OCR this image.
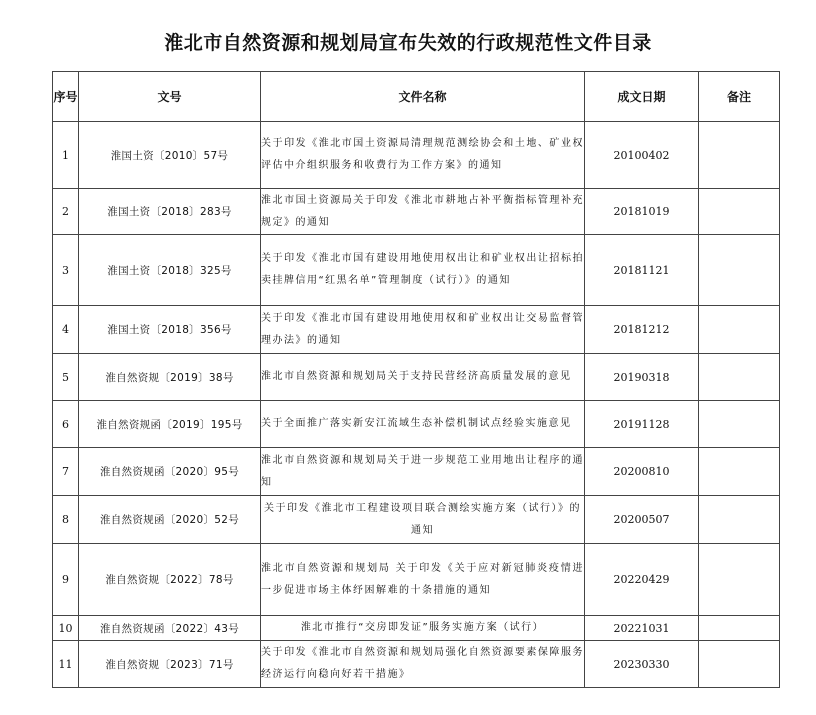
淮北市自然资源和规划局宣布失效的行政规范性文件目录
序号	文号	文件名称	成文日期	备注
1	淮国土资〔2010〕57号	关于印发《淮北市国土资源局清理规范测绘协会和土地、矿业权评估中介组织服务和收费行为工作方案》的通知	20100402	
2	淮国土资〔2018〕283号	淮北市国土资源局关于印发《淮北市耕地占补平衡指标管理补充规定》的通知	20181019	
3	淮国土资〔2018〕325号	关于印发《淮北市国有建设用地使用权出让和矿业权出让招标拍卖挂牌信用“红黑名单”管理制度（试行）》的通知	20181121	
4	淮国土资〔2018〕356号	关于印发《淮北市国有建设用地使用权和矿业权出让交易监督管理办法》的通知	20181212	
5	淮自然资规〔2019〕38号	淮北市自然资源和规划局关于支持民营经济高质量发展的意见	20190318	
6	淮自然资规函〔2019〕195号	关于全面推广落实新安江流域生态补偿机制试点经验实施意见	20191128	
7	淮自然资规函〔2020〕95号	淮北市自然资源和规划局关于进一步规范工业用地出让程序的通知	20200810	
8	淮自然资规函〔2020〕52号	关于印发《淮北市工程建设项目联合测绘实施方案（试行）》的通知	20200507	
9	淮自然资规〔2022〕78号	淮北市自然资源和规划局 关于印发《关于应对新冠肺炎疫情进一步促进市场主体纾困解难的十条措施的通知	20220429	
10	淮自然资规函〔2022〕43号	淮北市推行“交房即发证”服务实施方案（试行）	20221031	
11	淮自然资规〔2023〕71号	关于印发《淮北市自然资源和规划局强化自然资源要素保障服务经济运行向稳向好若干措施》	20230330	
